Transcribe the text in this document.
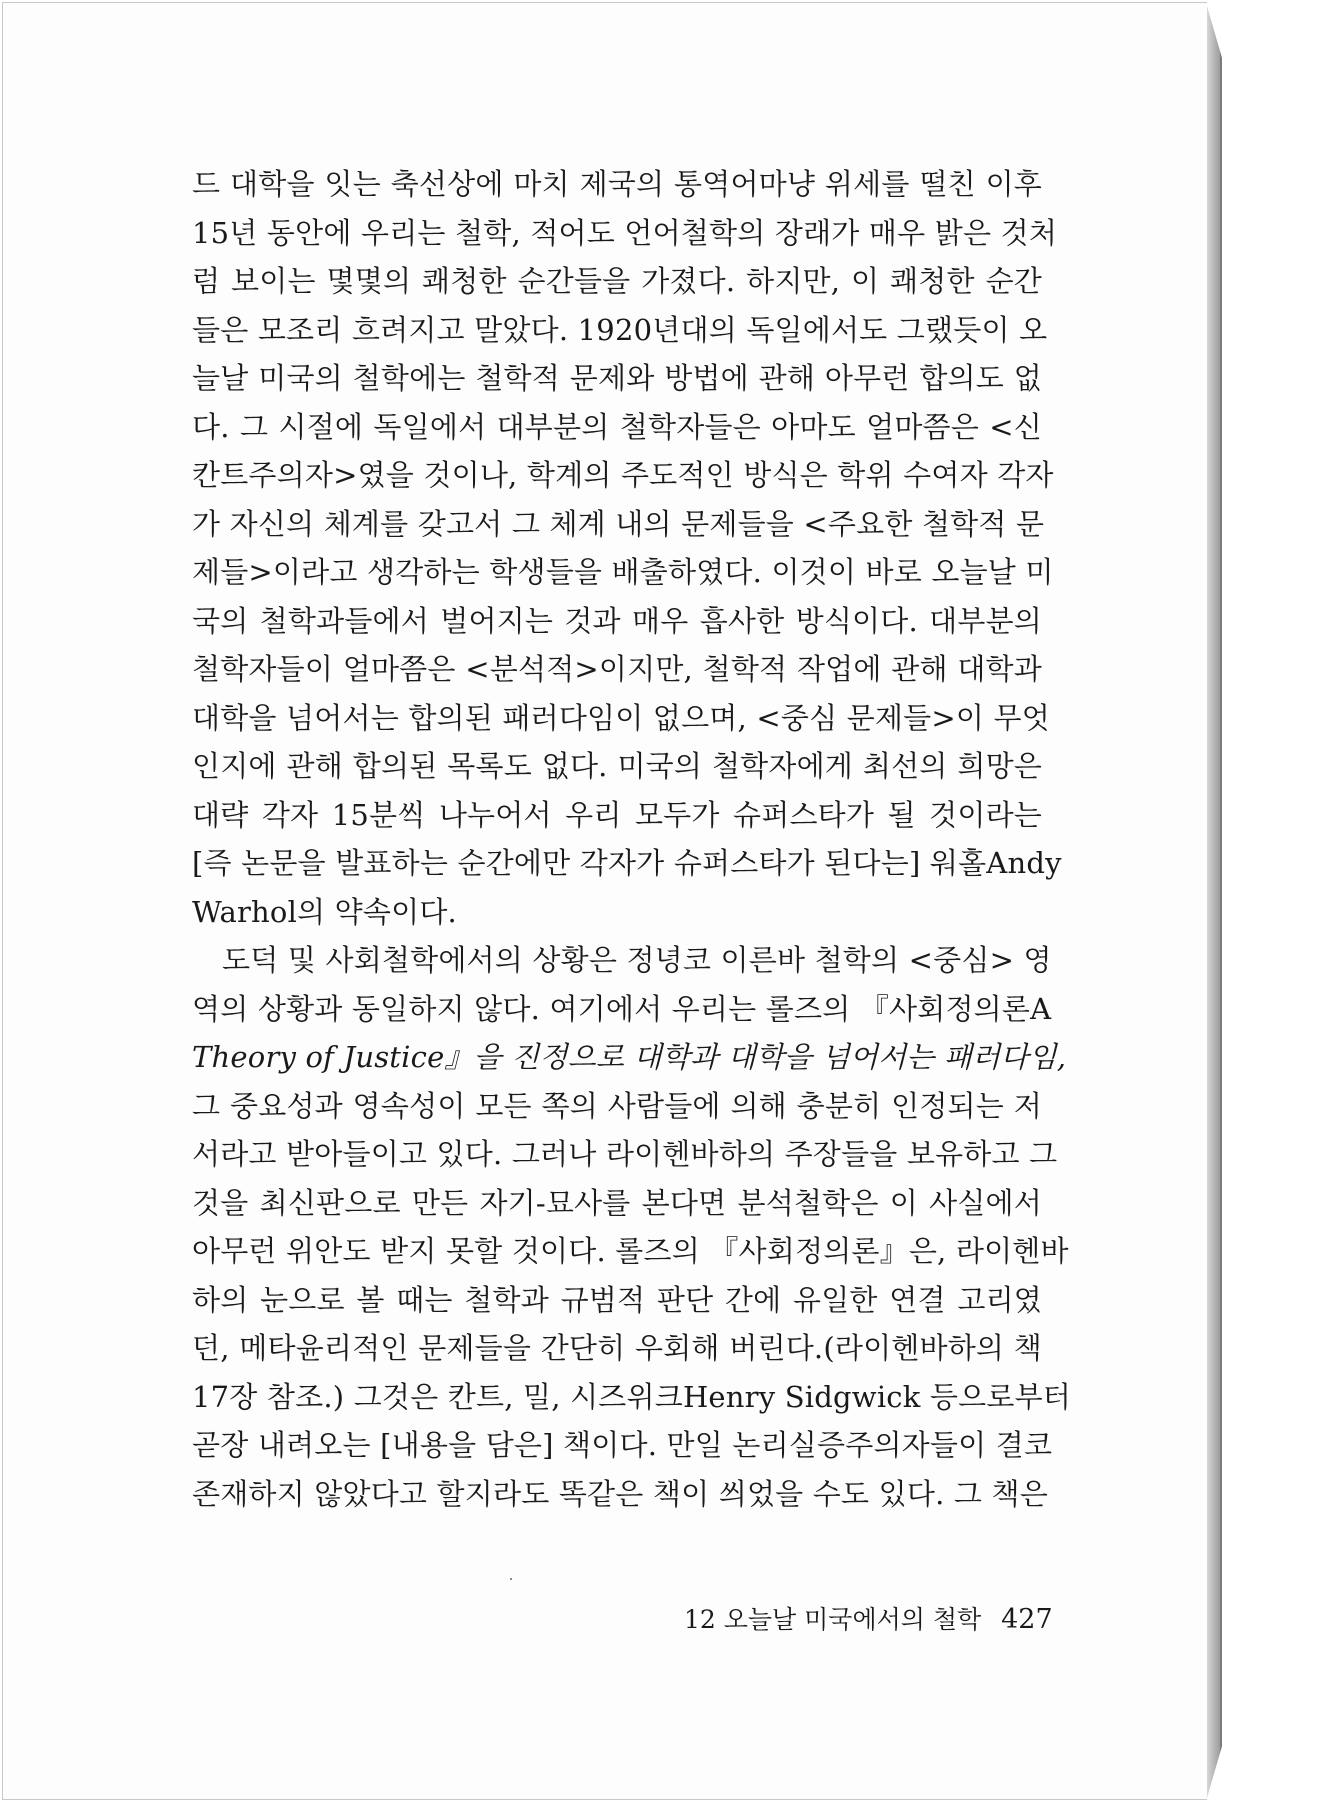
드 대학을 잇는 축선상에 마치 제국의 통역어마냥 위세를 떨친 이후
15년 동안에 우리는 철학, 적어도 언어철학의 장래가 매우 밝은 것처
럼 보이는 몇몇의 쾌청한 순간들을 가졌다. 하지만, 이 쾌청한 순간
들은 모조리 흐려지고 말았다. 1920년대의 독일에서도 그랬듯이 오
늘날 미국의 철학에는 철학적 문제와 방법에 관해 아무런 합의도 없
다. 그 시절에 독일에서 대부분의 철학자들은 아마도 얼마쯤은 <신
칸트주의자>였을 것이나, 학계의 주도적인 방식은 학위 수여자 각자
가 자신의 체계를 갖고서 그 체계 내의 문제들을 <주요한 철학적 문
제들>이라고 생각하는 학생들을 배출하였다. 이것이 바로 오늘날 미
국의 철학과들에서 벌어지는 것과 매우 흡사한 방식이다. 대부분의
철학자들이 얼마쯤은 <분석적>이지만, 철학적 작업에 관해 대학과
대학을 넘어서는 합의된 패러다임이 없으며, <중심 문제들>이 무엇
인지에 관해 합의된 목록도 없다. 미국의 철학자에게 최선의 희망은
대략 각자 15분씩 나누어서 우리 모두가 슈퍼스타가 될 것이라는
[즉 논문을 발표하는 순간에만 각자가 슈퍼스타가 된다는] 워홀Andy
Warhol의 약속이다.
도덕 및 사회철학에서의 상황은 정녕코 이른바 철학의 <중심> 영
역의 상황과 동일하지 않다. 여기에서 우리는 롤즈의 『사회정의론A
Theory of Justice』을 진정으로 대학과 대학을 넘어서는 패러다임,
그 중요성과 영속성이 모든 쪽의 사람들에 의해 충분히 인정되는 저
서라고 받아들이고 있다. 그러나 라이헨바하의 주장들을 보유하고 그
것을 최신판으로 만든 자기-묘사를 본다면 분석철학은 이 사실에서
아무런 위안도 받지 못할 것이다. 롤즈의 『사회정의론』은, 라이헨바
하의 눈으로 볼 때는 철학과 규범적 판단 간에 유일한 연결 고리였
던, 메타윤리적인 문제들을 간단히 우회해 버린다.(라이헨바하의 책
17장 참조.) 그것은 칸트, 밀, 시즈위크Henry Sidgwick 등으로부터
곧장 내려오는 [내용을 담은] 책이다. 만일 논리실증주의자들이 결코
존재하지 않았다고 할지라도 똑같은 책이 씌었을 수도 있다. 그 책은
12 오늘날 미국에서의 철학 427
